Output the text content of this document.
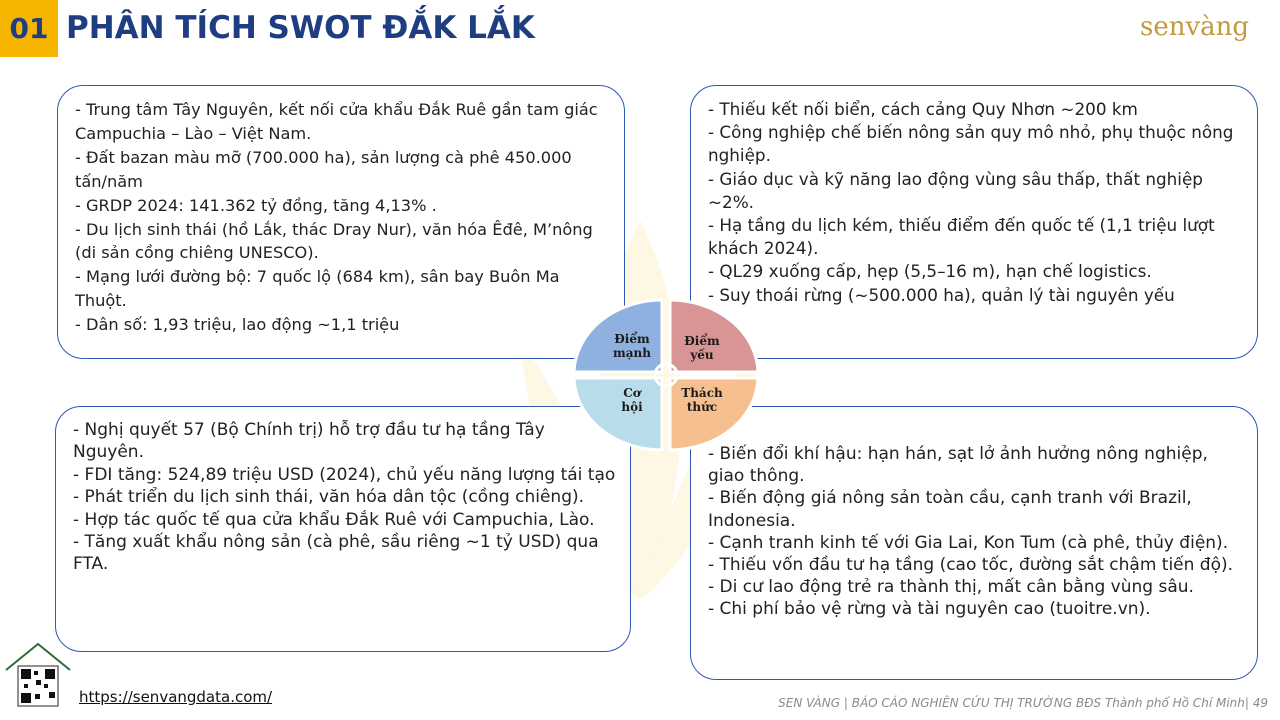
01 PHÂN TÍCH SWOT ĐẮK LẮK	senvàng
- Trung tâm Tây Nguyên, kết nối cửa khẩu Đắk Ruê gần tam giác Campuchia – Lào – Việt Nam.
- Đất bazan màu mỡ (700.000 ha), sản lượng cà phê 450.000 tấn/năm
- GRDP 2024: 141.362 tỷ đồng, tăng 4,13% .
- Du lịch sinh thái (hồ Lắk, thác Dray Nur), văn hóa Êđê, M’nông (di sản cồng chiêng UNESCO).
- Mạng lưới đường bộ: 7 quốc lộ (684 km), sân bay Buôn Ma Thuột.
- Dân số: 1,93 triệu, lao động ~1,1 triệu
- Thiếu kết nối biển, cách cảng Quy Nhơn ~200 km
- Công nghiệp chế biến nông sản quy mô nhỏ, phụ thuộc nông nghiệp.
- Giáo dục và kỹ năng lao động vùng sâu thấp, thất nghiệp ~2%.
- Hạ tầng du lịch kém, thiếu điểm đến quốc tế (1,1 triệu lượt khách 2024).
- QL29 xuống cấp, hẹp (5,5–16 m), hạn chế logistics.
- Suy thoái rừng (~500.000 ha), quản lý tài nguyên yếu
- Nghị quyết 57 (Bộ Chính trị) hỗ trợ đầu tư hạ tầng Tây Nguyên.
- FDI tăng: 524,89 triệu USD (2024), chủ yếu năng lượng tái tạo
- Phát triển du lịch sinh thái, văn hóa dân tộc (cồng chiêng).
- Hợp tác quốc tế qua cửa khẩu Đắk Ruê với Campuchia, Lào.
- Tăng xuất khẩu nông sản (cà phê, sầu riêng ~1 tỷ USD) qua FTA.
- Biến đổi khí hậu: hạn hán, sạt lở ảnh hưởng nông nghiệp, giao thông.
- Biến động giá nông sản toàn cầu, cạnh tranh với Brazil, Indonesia.
- Cạnh tranh kinh tế với Gia Lai, Kon Tum (cà phê, thủy điện).
- Thiếu vốn đầu tư hạ tầng (cao tốc, đường sắt chậm tiến độ).
- Di cư lao động trẻ ra thành thị, mất cân bằng vùng sâu.
- Chi phí bảo vệ rừng và tài nguyên cao (tuoitre.vn).
Điểm
mạnh
Điểm
yếu
Cơ
hội
Thách
thức
https://senvangdata.com/	SEN VÀNG | BÁO CÁO NGHIÊN CỨU THỊ TRƯỜNG BĐS Thành phố Hồ Chí Minh| 49
